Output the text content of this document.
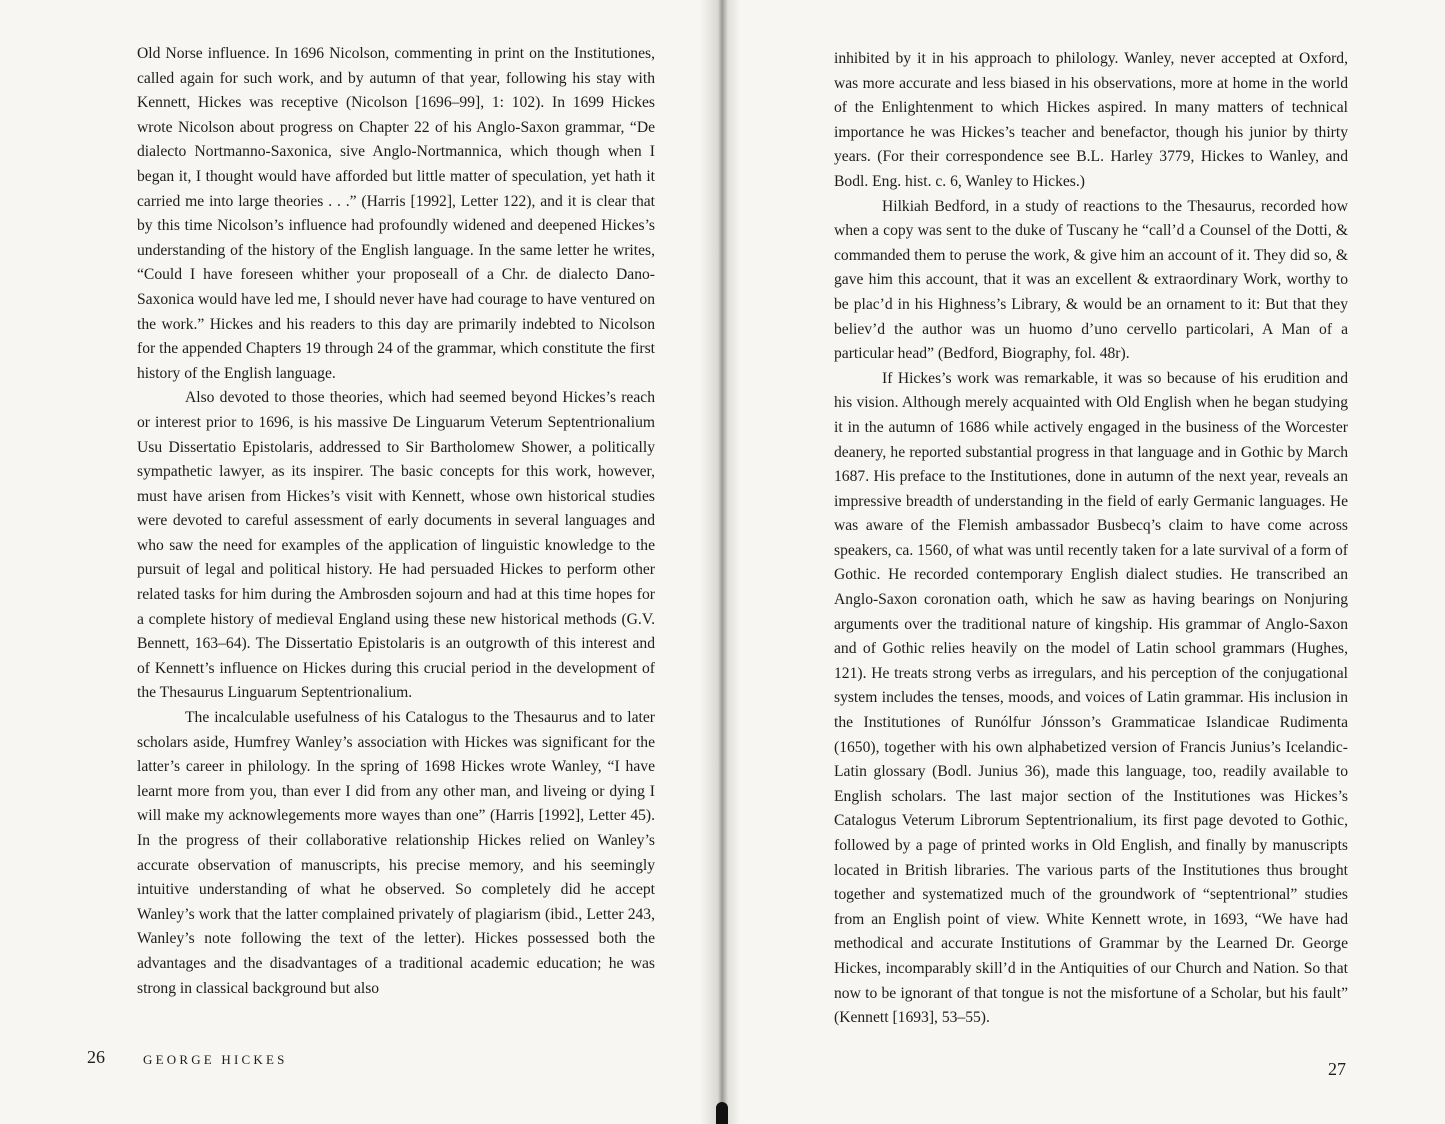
Old Norse influence. In 1696 Nicolson, commenting in print on the Institutiones, called again for such work, and by autumn of that year, following his stay with Kennett, Hickes was receptive (Nicolson [1696–99], 1: 102). In 1699 Hickes wrote Nicolson about progress on Chapter 22 of his Anglo-Saxon grammar, “De dialecto Nortmanno-Saxonica, sive Anglo-Nortmannica, which though when I began it, I thought would have afforded but little matter of speculation, yet hath it carried me into large theories . . .” (Harris [1992], Letter 122), and it is clear that by this time Nicolson’s influence had profoundly widened and deepened Hickes’s understanding of the history of the English language. In the same letter he writes, “Could I have foreseen whither your proposeall of a Chr. de dialecto Dano-Saxonica would have led me, I should never have had courage to have ventured on the work.” Hickes and his readers to this day are primarily indebted to Nicolson for the appended Chapters 19 through 24 of the grammar, which constitute the first history of the English language.

Also devoted to those theories, which had seemed beyond Hickes’s reach or interest prior to 1696, is his massive De Linguarum Veterum Septentrionalium Usu Dissertatio Epistolaris, addressed to Sir Bartholomew Shower, a politically sympathetic lawyer, as its inspirer. The basic concepts for this work, however, must have arisen from Hickes’s visit with Kennett, whose own historical studies were devoted to careful assessment of early documents in several languages and who saw the need for examples of the application of linguistic knowledge to the pursuit of legal and political history. He had persuaded Hickes to perform other related tasks for him during the Ambrosden sojourn and had at this time hopes for a complete history of medieval England using these new historical methods (G.V. Bennett, 163–64). The Dissertatio Epistolaris is an outgrowth of this interest and of Kennett’s influence on Hickes during this crucial period in the development of the Thesaurus Linguarum Septentrionalium.

The incalculable usefulness of his Catalogus to the Thesaurus and to later scholars aside, Humfrey Wanley’s association with Hickes was significant for the latter’s career in philology. In the spring of 1698 Hickes wrote Wanley, “I have learnt more from you, than ever I did from any other man, and liveing or dying I will make my acknowlegements more wayes than one” (Harris [1992], Letter 45). In the progress of their collaborative relationship Hickes relied on Wanley’s accurate observation of manuscripts, his precise memory, and his seemingly intuitive understanding of what he observed. So completely did he accept Wanley’s work that the latter complained privately of plagiarism (ibid., Letter 243, Wanley’s note following the text of the letter). Hickes possessed both the advantages and the disadvantages of a traditional academic education; he was strong in classical background but also

26	GEORGE HICKES

inhibited by it in his approach to philology. Wanley, never accepted at Oxford, was more accurate and less biased in his observations, more at home in the world of the Enlightenment to which Hickes aspired. In many matters of technical importance he was Hickes’s teacher and benefactor, though his junior by thirty years. (For their correspondence see B.L. Harley 3779, Hickes to Wanley, and Bodl. Eng. hist. c. 6, Wanley to Hickes.)

Hilkiah Bedford, in a study of reactions to the Thesaurus, recorded how when a copy was sent to the duke of Tuscany he “call’d a Counsel of the Dotti, & commanded them to peruse the work, & give him an account of it. They did so, & gave him this account, that it was an excellent & extraordinary Work, worthy to be plac’d in his Highness’s Library, & would be an ornament to it: But that they believ’d the author was un huomo d’uno cervello particolari, A Man of a particular head” (Bedford, Biography, fol. 48r).

If Hickes’s work was remarkable, it was so because of his erudition and his vision. Although merely acquainted with Old English when he began studying it in the autumn of 1686 while actively engaged in the business of the Worcester deanery, he reported substantial progress in that language and in Gothic by March 1687. His preface to the Institutiones, done in autumn of the next year, reveals an impressive breadth of understanding in the field of early Germanic languages. He was aware of the Flemish ambassador Busbecq’s claim to have come across speakers, ca. 1560, of what was until recently taken for a late survival of a form of Gothic. He recorded contemporary English dialect studies. He transcribed an Anglo-Saxon coronation oath, which he saw as having bearings on Nonjuring arguments over the traditional nature of kingship. His grammar of Anglo-Saxon and of Gothic relies heavily on the model of Latin school grammars (Hughes, 121). He treats strong verbs as irregulars, and his perception of the conjugational system includes the tenses, moods, and voices of Latin grammar. His inclusion in the Institutiones of Runólfur Jónsson’s Grammaticae Islandicae Rudimenta (1650), together with his own alphabetized version of Francis Junius’s Icelandic-Latin glossary (Bodl. Junius 36), made this language, too, readily available to English scholars. The last major section of the Institutiones was Hickes’s Catalogus Veterum Librorum Septentrionalium, its first page devoted to Gothic, followed by a page of printed works in Old English, and finally by manuscripts located in British libraries. The various parts of the Institutiones thus brought together and systematized much of the groundwork of “septentrional” studies from an English point of view. White Kennett wrote, in 1693, “We have had methodical and accurate Institutions of Grammar by the Learned Dr. George Hickes, incomparably skill’d in the Antiquities of our Church and Nation. So that now to be ignorant of that tongue is not the misfortune of a Scholar, but his fault” (Kennett [1693], 53–55).

27
